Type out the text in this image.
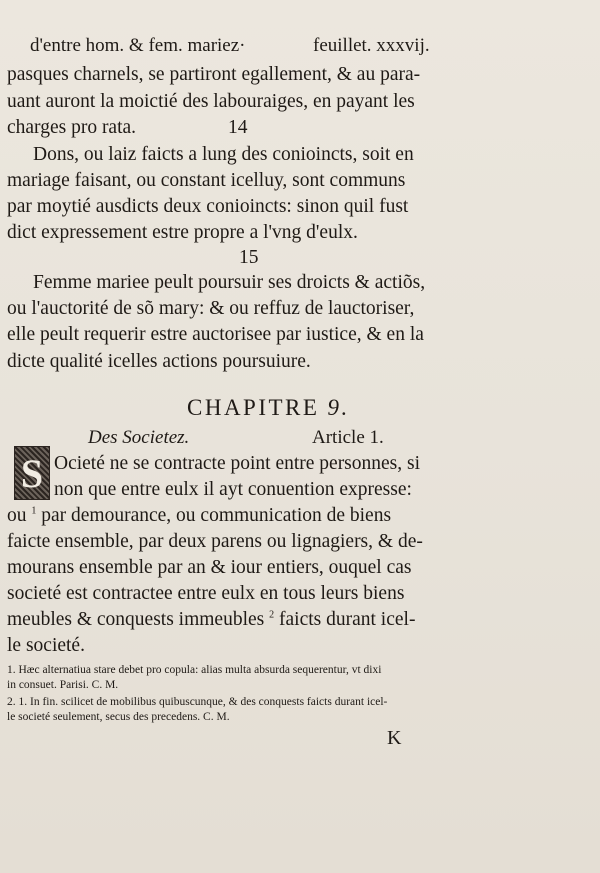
d'entre hom. & fem. mariez·	feuillet. xxxvij.
pasques charnels, se partiront egallement, & au para-
uant auront la moictié des labouraiges, en payant les
charges pro rata.	14
Dons, ou laiz faicts a lung des conioincts, soit en
mariage faisant, ou constant icelluy, sont communs
par moytié ausdicts deux conioincts: sinon quil fust
dict expressement estre propre a l'vng d'eulx.
15
Femme mariee peult poursuir ses droicts & actiõs,
ou l'auctorité de sõ mary: & ou reffuz de lauctoriser,
elle peult requerir estre auctorisee par iustice, & en la
dicte qualité icelles actions poursuiure.
CHAPITRE 9.
Des Societez.	Article 1.
S Ocieté ne se contracte point entre personnes, si
non que entre eulx il ayt conuention expresse:
ou $^1$ par demourance, ou communication de biens
faicte ensemble, par deux parens ou lignagiers, & de-
mourans ensemble par an & iour entiers, ouquel cas
societé est contractee entre eulx en tous leurs biens
meubles & conquests immeubles $^2$ faicts durant icel-
le societé.
1. Hæc alternatiua stare debet pro copula: alias multa absurda sequerentur, vt dixi
in consuet. Parisi. C. M.
2. 1. In fin. scilicet de mobilibus quibuscunque, & des conquests faicts durant icel-
le societé seulement, secus des precedens. C. M.
K
